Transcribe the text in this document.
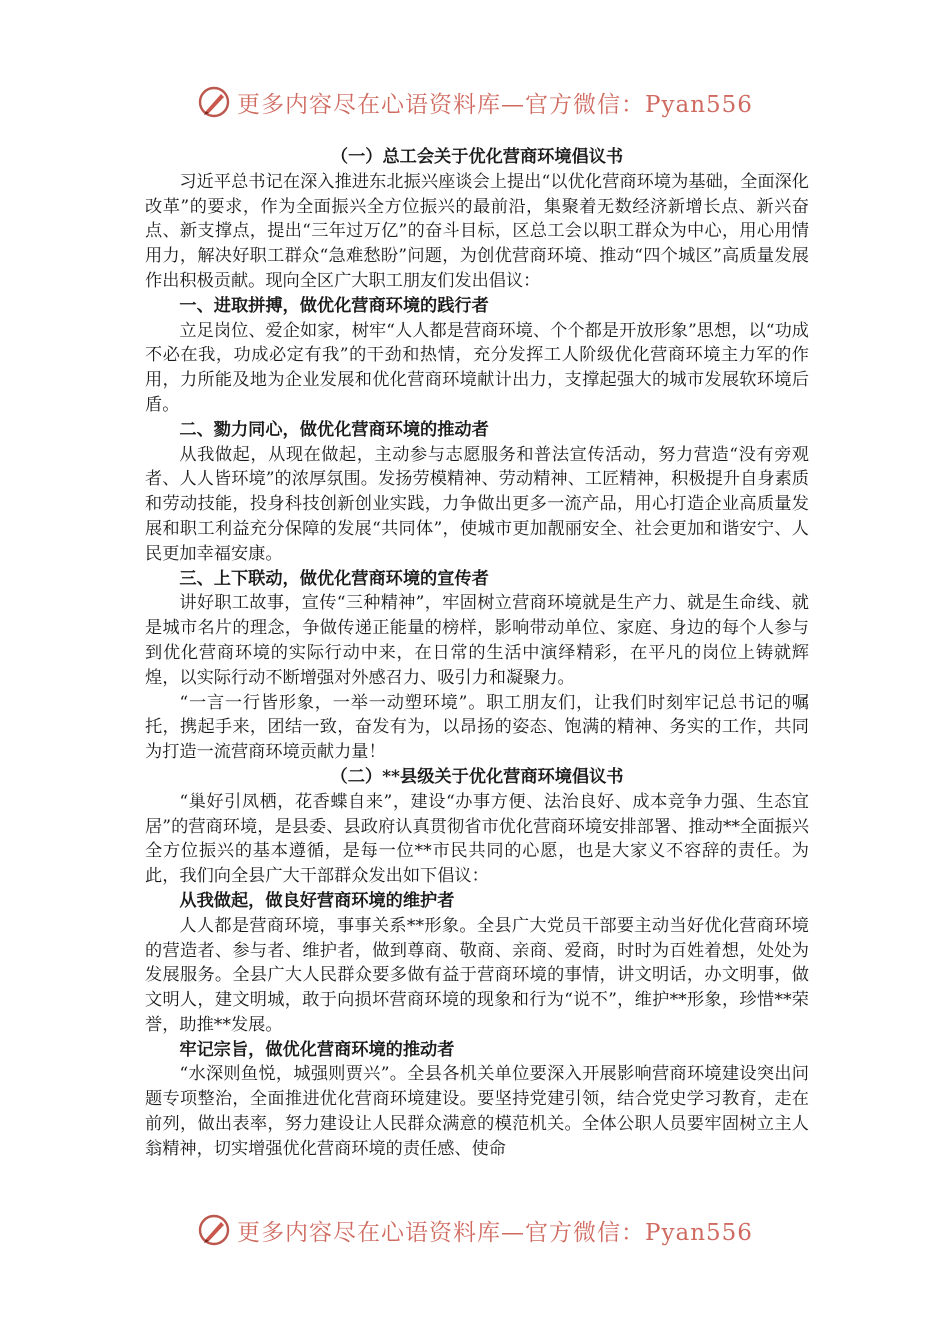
更多内容尽在心语资料库—官方微信：Pyan556

（一）总工会关于优化营商环境倡议书

习近平总书记在深入推进东北振兴座谈会上提出“以优化营商环境为基础，全面深化改革”的要求，作为全面振兴全方位振兴的最前沿，集聚着无数经济新增长点、新兴奋点、新支撑点，提出“三年过万亿”的奋斗目标，区总工会以职工群众为中心，用心用情用力，解决好职工群众“急难愁盼”问题，为创优营商环境、推动“四个城区”高质量发展作出积极贡献。现向全区广大职工朋友们发出倡议：

一、进取拼搏，做优化营商环境的践行者

立足岗位、爱企如家，树牢“人人都是营商环境、个个都是开放形象”思想，以“功成不必在我，功成必定有我”的干劲和热情，充分发挥工人阶级优化营商环境主力军的作用，力所能及地为企业发展和优化营商环境献计出力，支撑起强大的城市发展软环境后盾。

二、勠力同心，做优化营商环境的推动者

从我做起，从现在做起，主动参与志愿服务和普法宣传活动，努力营造“没有旁观者、人人皆环境”的浓厚氛围。发扬劳模精神、劳动精神、工匠精神，积极提升自身素质和劳动技能，投身科技创新创业实践，力争做出更多一流产品，用心打造企业高质量发展和职工利益充分保障的发展“共同体”，使城市更加靓丽安全、社会更加和谐安宁、人民更加幸福安康。

三、上下联动，做优化营商环境的宣传者

讲好职工故事，宣传“三种精神”，牢固树立营商环境就是生产力、就是生命线、就是城市名片的理念，争做传递正能量的榜样，影响带动单位、家庭、身边的每个人参与到优化营商环境的实际行动中来，在日常的生活中演绎精彩，在平凡的岗位上铸就辉煌，以实际行动不断增强对外感召力、吸引力和凝聚力。

“一言一行皆形象，一举一动塑环境”。职工朋友们，让我们时刻牢记总书记的嘱托，携起手来，团结一致，奋发有为，以昂扬的姿态、饱满的精神、务实的工作，共同为打造一流营商环境贡献力量！

（二）**县级关于优化营商环境倡议书

“巢好引凤栖，花香蝶自来”，建设“办事方便、法治良好、成本竞争力强、生态宜居”的营商环境，是县委、县政府认真贯彻省市优化营商环境安排部署、推动**全面振兴全方位振兴的基本遵循，是每一位**市民共同的心愿，也是大家义不容辞的责任。为此，我们向全县广大干部群众发出如下倡议：

从我做起，做良好营商环境的维护者

人人都是营商环境，事事关系**形象。全县广大党员干部要主动当好优化营商环境的营造者、参与者、维护者，做到尊商、敬商、亲商、爱商，时时为百姓着想，处处为发展服务。全县广大人民群众要多做有益于营商环境的事情，讲文明话，办文明事，做文明人，建文明城，敢于向损坏营商环境的现象和行为“说不”，维护**形象，珍惜**荣誉，助推**发展。

牢记宗旨，做优化营商环境的推动者

“水深则鱼悦，城强则贾兴”。全县各机关单位要深入开展影响营商环境建设突出问题专项整治，全面推进优化营商环境建设。要坚持党建引领，结合党史学习教育，走在前列，做出表率，努力建设让人民群众满意的模范机关。全体公职人员要牢固树立主人翁精神，切实增强优化营商环境的责任感、使命

更多内容尽在心语资料库—官方微信：Pyan556
